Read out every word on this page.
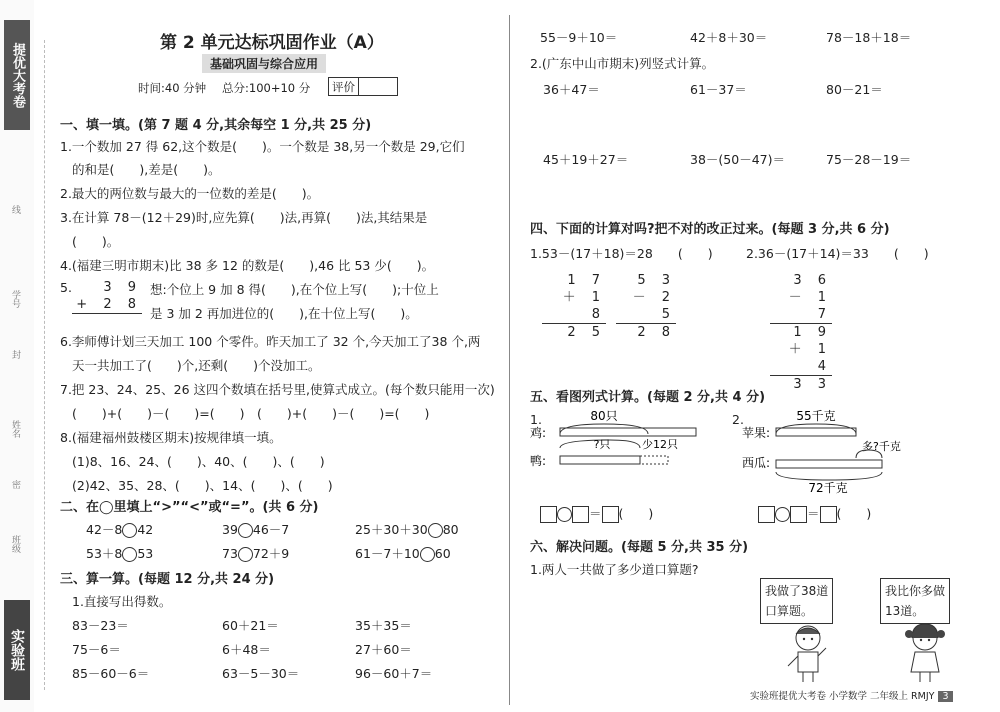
提优大考卷
线
学号
封
姓名
密
班级
实验班
第 2 单元达标巩固作业（A）
基础巩固与综合应用
时间:40 分钟 总分:100+10 分	评价
一、填一填。(第 7 题 4 分,其余每空 1 分,共 25 分)
1.一个数加 27 得 62,这个数是(　　)。一个数是 38,另一个数是 29,它们
的和是(　　),差是(　　)。
2.最大的两位数与最大的一位数的差是(　　)。
3.在计算 78－(12＋29)时,应先算(　　)法,再算(　　)法,其结果是
(　　)。
4.(福建三明市期末)比 38 多 12 的数是(　　),46 比 53 少(　　)。
5.	3 9
+ 2 8
想:个位上 9 加 8 得(　　),在个位上写(　　);十位上
是 3 加 2 再加进位的(　　),在十位上写(　　)。
6.李师傅计划三天加工 100 个零件。昨天加工了 32 个,今天加工了38 个,两
天一共加工了(　　)个,还剩(　　)个没加工。
7.把 23、24、25、26 这四个数填在括号里,使算式成立。(每个数只能用一次)
(　　)+(　　)－(　　)=(　　)　(　　)+(　　)－(　　)=(　　)
8.(福建福州鼓楼区期末)按规律填一填。
(1)8、16、24、(　　)、40、(　　)、(　　)
(2)42、35、28、(　　)、14、(　　)、(　　)
二、在◯里填上“>”“<”或“=”。(共 6 分)
42－8 42	39 46－7	25＋30＋30 80
53＋8 53	73 72＋9	61－7＋10 60
三、算一算。(每题 12 分,共 24 分)
1.直接写出得数。
83－23＝	60＋21＝	35＋35＝
75－6＝	6＋48＝	27＋60＝
85－60－6＝	63－5－30＝	96－60＋7＝
55－9＋10＝	42＋8＋30＝	78－18＋18＝
2.(广东中山市期末)列竖式计算。
36＋47＝	61－37＝	80－21＝
45＋19＋27＝	38－(50－47)＝	75－28－19＝
四、下面的计算对吗?把不对的改正过来。(每题 3 分,共 6 分)
1.53－(17＋18)＝28　　 (　　)	2.36－(17＋14)＝33　　 (　　)
1 7
＋ 1 8
2 5
5 3
－ 2 5
2 8
3 6
－ 1 7
1 9
＋ 1 4
3 3
五、看图列式计算。(每题 2 分,共 4 分)
1.	2.
80只
鸡:
?只	少12只
鸭:
55千克
苹果:
多?千克
西瓜:
72千克
＝ (　　)	＝ (　　)
六、解决问题。(每题 5 分,共 35 分)
1.两人一共做了多少道口算题?
我做了38道
口算题。
我比你多做
13道。
实验班提优大考卷 小学数学 二年级上 RMJY 3
